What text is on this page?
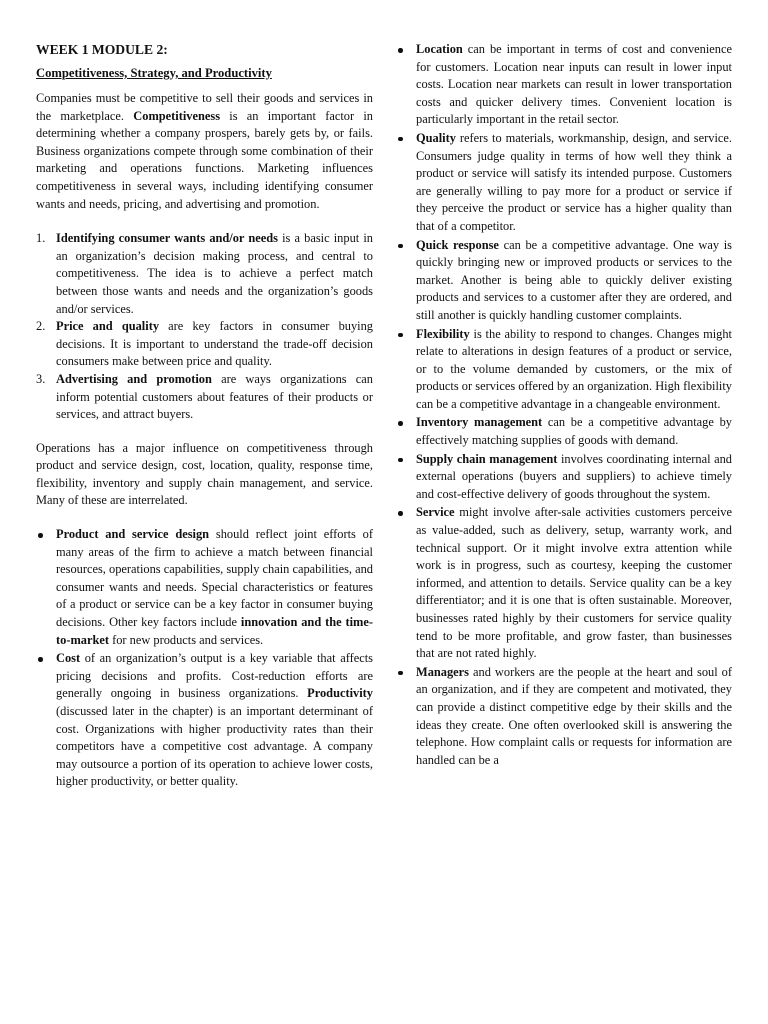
WEEK 1 MODULE 2:
Competitiveness, Strategy, and Productivity

Companies must be competitive to sell their goods and services in the marketplace. Competitiveness is an important factor in determining whether a company prospers, barely gets by, or fails. Business organizations compete through some combination of their marketing and operations functions. Marketing influences competitiveness in several ways, including identifying consumer wants and needs, pricing, and advertising and promotion.

1. Identifying consumer wants and/or needs is a basic input in an organization’s decision making process, and central to competitiveness. The idea is to achieve a perfect match between those wants and needs and the organization’s goods and/or services.
2. Price and quality are key factors in consumer buying decisions. It is important to understand the trade-off decision consumers make between price and quality.
3. Advertising and promotion are ways organizations can inform potential customers about features of their products or services, and attract buyers.

Operations has a major influence on competitiveness through product and service design, cost, location, quality, response time, flexibility, inventory and supply chain management, and service. Many of these are interrelated.

Product and service design should reflect joint efforts of many areas of the firm to achieve a match between financial resources, operations capabilities, supply chain capabilities, and consumer wants and needs. Special characteristics or features of a product or service can be a key factor in consumer buying decisions. Other key factors include innovation and the time-to-market for new products and services.
Cost of an organization’s output is a key variable that affects pricing decisions and profits. Cost-reduction efforts are generally ongoing in business organizations. Productivity (discussed later in the chapter) is an important determinant of cost. Organizations with higher productivity rates than their competitors have a competitive cost advantage. A company may outsource a portion of its operation to achieve lower costs, higher productivity, or better quality.
Location can be important in terms of cost and convenience for customers. Location near inputs can result in lower input costs. Location near markets can result in lower transportation costs and quicker delivery times. Convenient location is particularly important in the retail sector.
Quality refers to materials, workmanship, design, and service. Consumers judge quality in terms of how well they think a product or service will satisfy its intended purpose. Customers are generally willing to pay more for a product or service if they perceive the product or service has a higher quality than that of a competitor.
Quick response can be a competitive advantage. One way is quickly bringing new or improved products or services to the market. Another is being able to quickly deliver existing products and services to a customer after they are ordered, and still another is quickly handling customer complaints.
Flexibility is the ability to respond to changes. Changes might relate to alterations in design features of a product or service, or to the volume demanded by customers, or the mix of products or services offered by an organization. High flexibility can be a competitive advantage in a changeable environment.
Inventory management can be a competitive advantage by effectively matching supplies of goods with demand.
Supply chain management involves coordinating internal and external operations (buyers and suppliers) to achieve timely and cost-effective delivery of goods throughout the system.
Service might involve after-sale activities customers perceive as value-added, such as delivery, setup, warranty work, and technical support. Or it might involve extra attention while work is in progress, such as courtesy, keeping the customer informed, and attention to details. Service quality can be a key differentiator; and it is one that is often sustainable. Moreover, businesses rated highly by their customers for service quality tend to be more profitable, and grow faster, than businesses that are not rated highly.
Managers and workers are the people at the heart and soul of an organization, and if they are competent and motivated, they can provide a distinct competitive edge by their skills and the ideas they create. One often overlooked skill is answering the telephone. How complaint calls or requests for information are handled can be a
